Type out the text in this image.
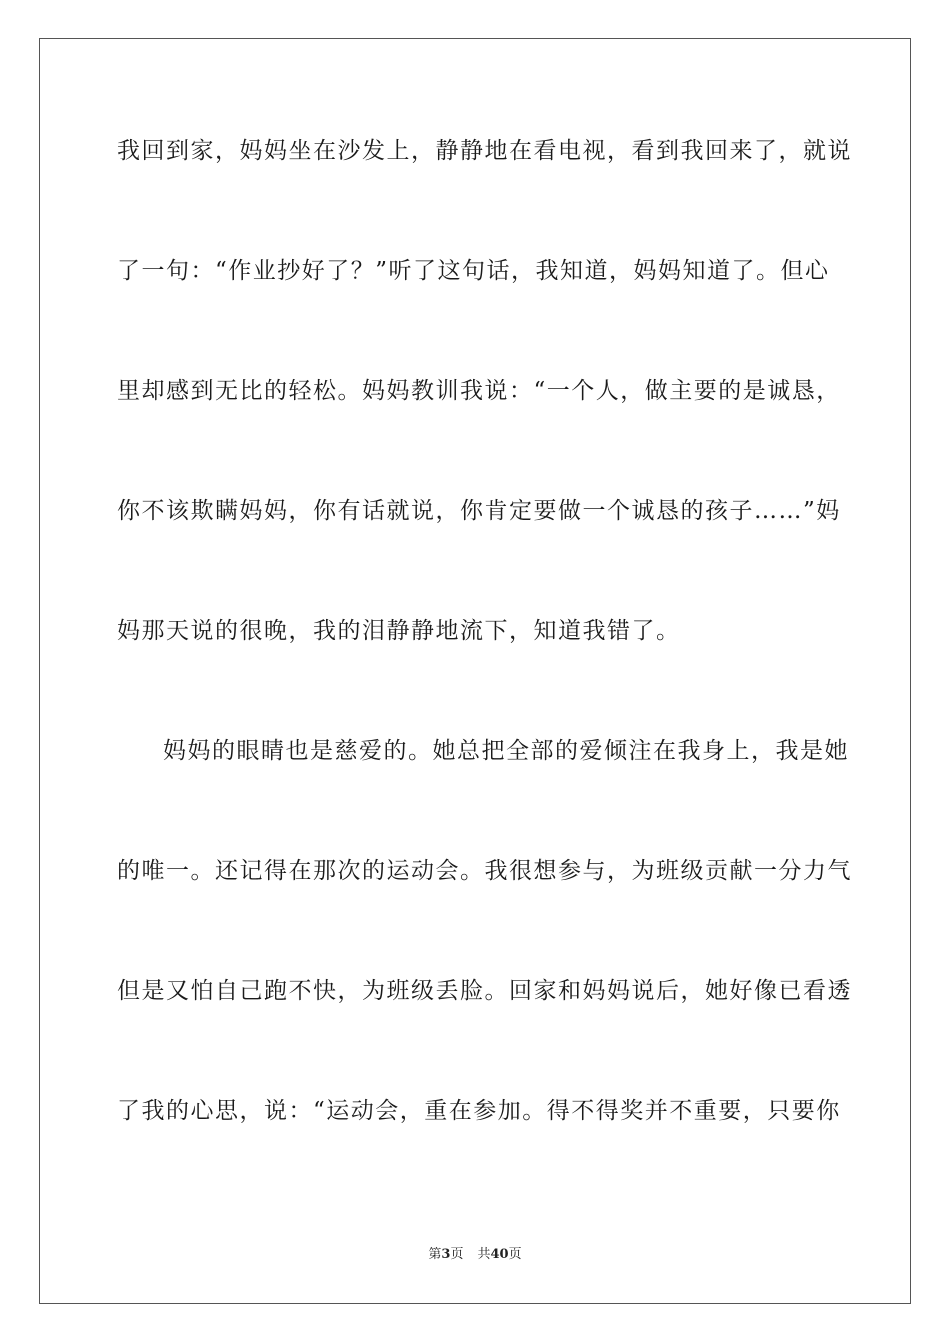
我回到家，妈妈坐在沙发上，静静地在看电视，看到我回来了，就说
了一句：“作业抄好了？”听了这句话，我知道，妈妈知道了。但心
里却感到无比的轻松。妈妈教训我说：“一个人，做主要的是诚恳，
你不该欺瞒妈妈，你有话就说，你肯定要做一个诚恳的孩子……”妈
妈那天说的很晚，我的泪静静地流下，知道我错了。
妈妈的眼睛也是慈爱的。她总把全部的爱倾注在我身上，我是她
的唯一。还记得在那次的运动会。我很想参与，为班级贡献一分力气
但是又怕自己跑不快，为班级丢脸。回家和妈妈说后，她好像已看透
了我的心思，说：“运动会，重在参加。得不得奖并不重要，只要你
第3页 共40页
